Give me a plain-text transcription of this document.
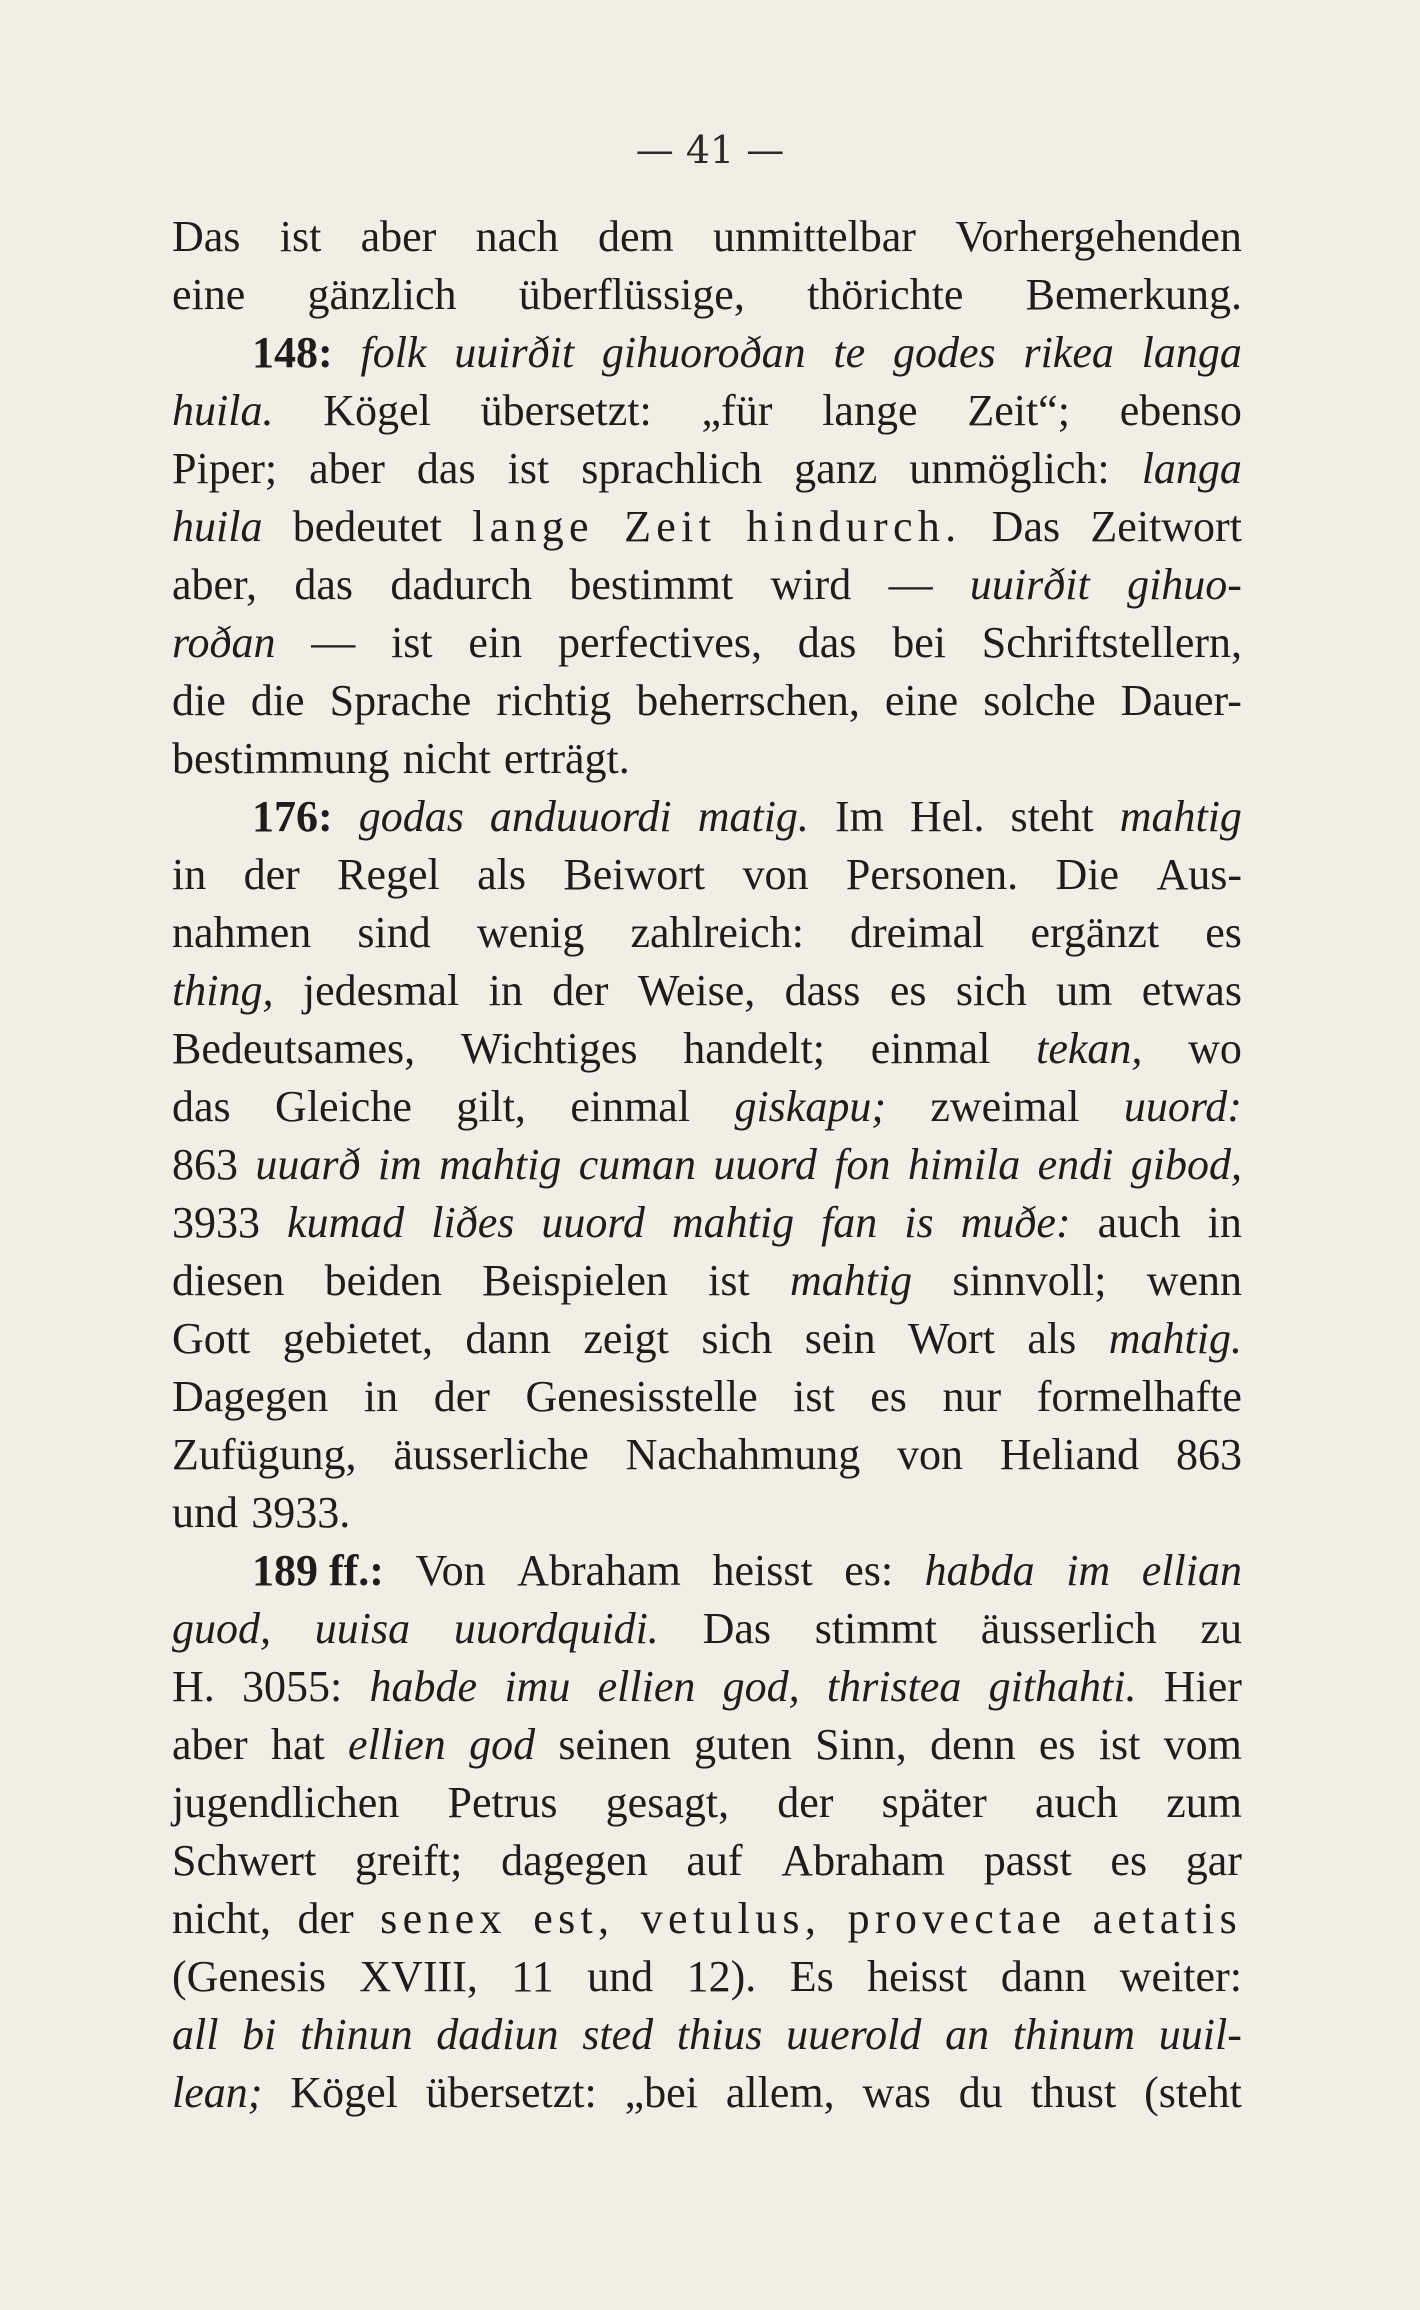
— 41 —
Das ist aber nach dem unmittelbar Vorhergehenden
eine gänzlich überflüssige, thörichte Bemerkung.
148: folk uuirðit gihuoroðan te godes rikea langa
huila. Kögel übersetzt: „für lange Zeit“; ebenso
Piper; aber das ist sprachlich ganz unmöglich: langa
huila bedeutet lange Zeit hindurch. Das Zeitwort
aber, das dadurch bestimmt wird — uuirðit gihuo-
roðan — ist ein perfectives, das bei Schriftstellern,
die die Sprache richtig beherrschen, eine solche Dauer-
bestimmung nicht erträgt.
176: godas anduuordi matig. Im Hel. steht mahtig
in der Regel als Beiwort von Personen. Die Aus-
nahmen sind wenig zahlreich: dreimal ergänzt es
thing, jedesmal in der Weise, dass es sich um etwas
Bedeutsames, Wichtiges handelt; einmal tekan, wo
das Gleiche gilt, einmal giskapu; zweimal uuord:
863 uuarð im mahtig cuman uuord fon himila endi gibod,
3933 kumad liðes uuord mahtig fan is muðe: auch in
diesen beiden Beispielen ist mahtig sinnvoll; wenn
Gott gebietet, dann zeigt sich sein Wort als mahtig.
Dagegen in der Genesisstelle ist es nur formelhafte
Zufügung, äusserliche Nachahmung von Heliand 863
und 3933.
189 ff.: Von Abraham heisst es: habda im ellian
guod, uuisa uuordquidi. Das stimmt äusserlich zu
H. 3055: habde imu ellien god, thristea githahti. Hier
aber hat ellien god seinen guten Sinn, denn es ist vom
jugendlichen Petrus gesagt, der später auch zum
Schwert greift; dagegen auf Abraham passt es gar
nicht, der senex est, vetulus, provectae aetatis
(Genesis XVIII, 11 und 12). Es heisst dann weiter:
all bi thinun dadiun sted thius uuerold an thinum uuil-
lean; Kögel übersetzt: „bei allem, was du thust (steht
